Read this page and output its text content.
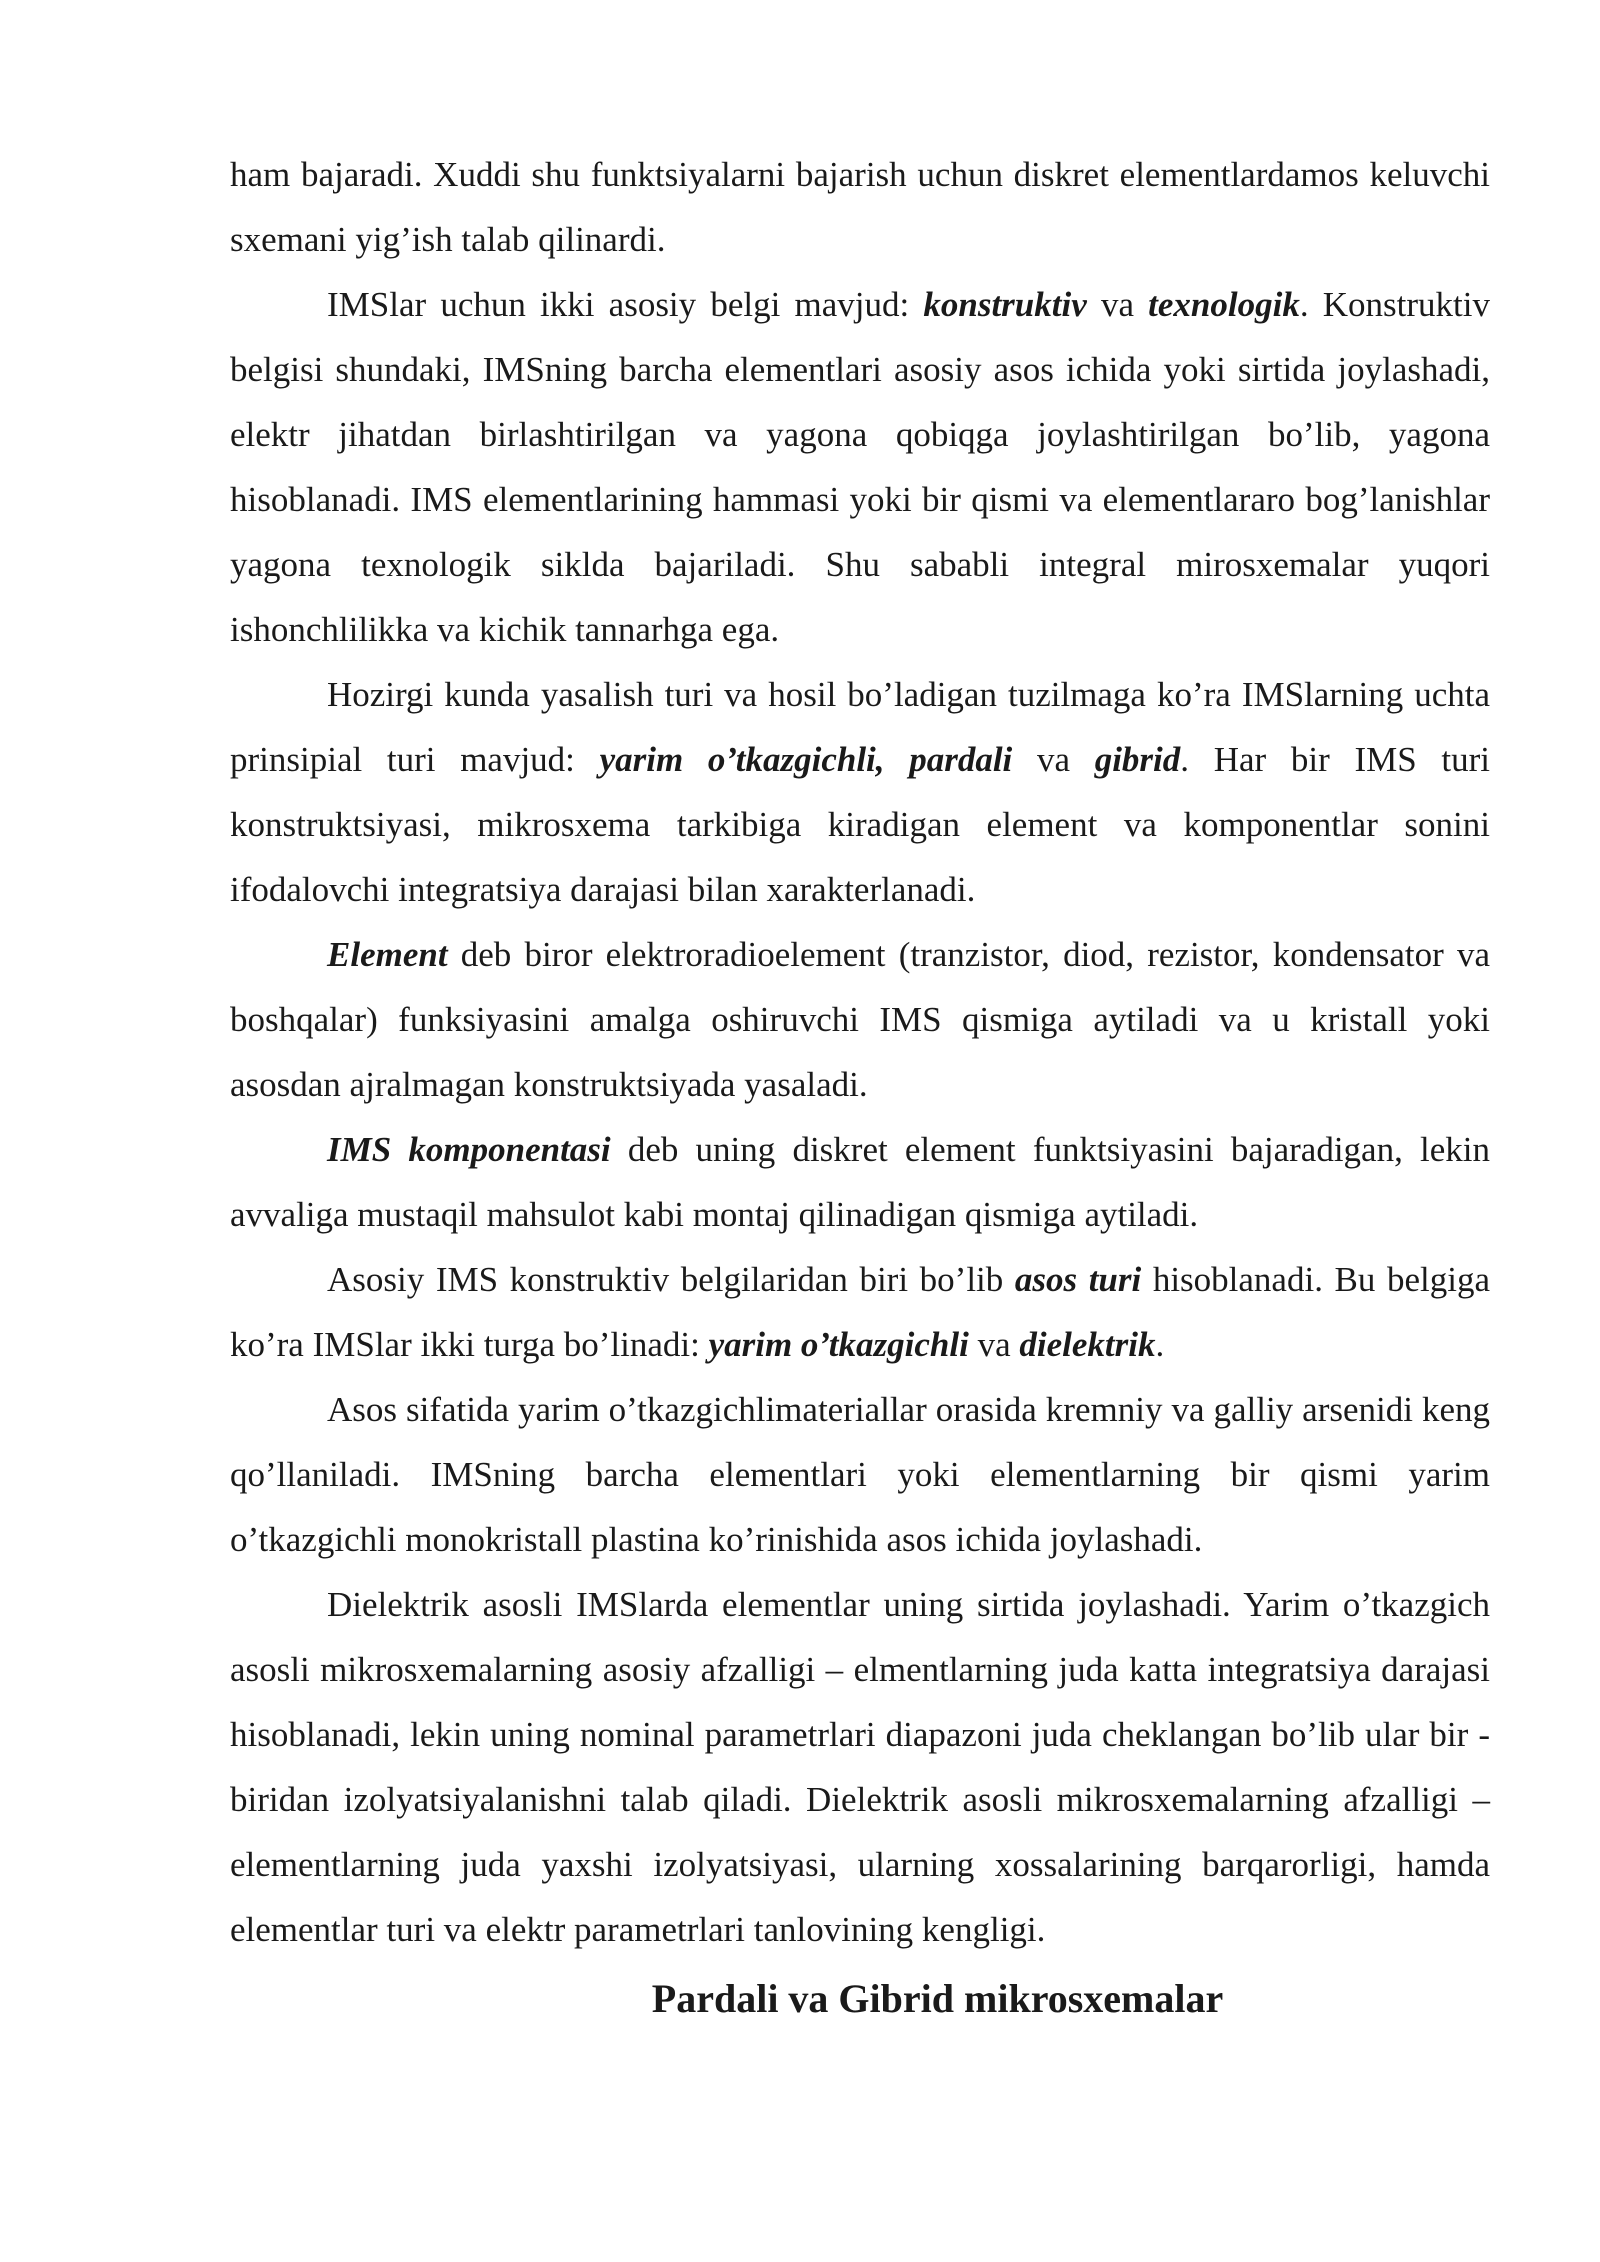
ham bajaradi. Xuddi shu funktsiyalarni bajarish uchun diskret elementlardamos keluvchi sxemani yig’ish talab qilinardi.

IMSlar uchun ikki asosiy belgi mavjud: konstruktiv va texnologik. Konstruktiv belgisi shundaki, IMSning barcha elementlari asosiy asos ichida yoki sirtida joylashadi, elektr jihatdan birlashtirilgan va yagona qobiqga joylashtirilgan bo’lib, yagona hisoblanadi. IMS elementlarining hammasi yoki bir qismi va elementlararo bog’lanishlar yagona texnologik siklda bajariladi. Shu sababli integral mirosxemalar yuqori ishonchlilikka va kichik tannarhga ega.

Hozirgi kunda yasalish turi va hosil bo’ladigan tuzilmaga ko’ra IMSlarning uchta prinsipial turi mavjud: yarim o’tkazgichli, pardali va gibrid. Har bir IMS turi konstruktsiyasi, mikrosxema tarkibiga kiradigan element va komponentlar sonini ifodalovchi integratsiya darajasi bilan xarakterlanadi.

Element deb biror elektroradioelement (tranzistor, diod, rezistor, kondensator va boshqalar) funksiyasini amalga oshiruvchi IMS qismiga aytiladi va u kristall yoki asosdan ajralmagan konstruktsiyada yasaladi.

IMS komponentasi deb uning diskret element funktsiyasini bajaradigan, lekin avvaliga mustaqil mahsulot kabi montaj qilinadigan qismiga aytiladi.

Asosiy IMS konstruktiv belgilaridan biri bo’lib asos turi hisoblanadi. Bu belgiga ko’ra IMSlar ikki turga bo’linadi: yarim o’tkazgichli va dielektrik.

Asos sifatida yarim o’tkazgichlimateriallar orasida kremniy va galliy arsenidi keng qo’llaniladi. IMSning barcha elementlari yoki elementlarning bir qismi yarim o’tkazgichli monokristall plastina ko’rinishida asos ichida joylashadi.

Dielektrik asosli IMSlarda elementlar uning sirtida joylashadi. Yarim o’tkazgich asosli mikrosxemalarning asosiy afzalligi – elmentlarning juda katta integratsiya darajasi hisoblanadi, lekin uning nominal parametrlari diapazoni juda cheklangan bo’lib ular bir - biridan izolyatsiyalanishni talab qiladi. Dielektrik asosli mikrosxemalarning afzalligi – elementlarning juda yaxshi izolyatsiyasi, ularning xossalarining barqarorligi, hamda elementlar turi va elektr parametrlari tanlovining kengligi.

Pardali va Gibrid mikrosxemalar
